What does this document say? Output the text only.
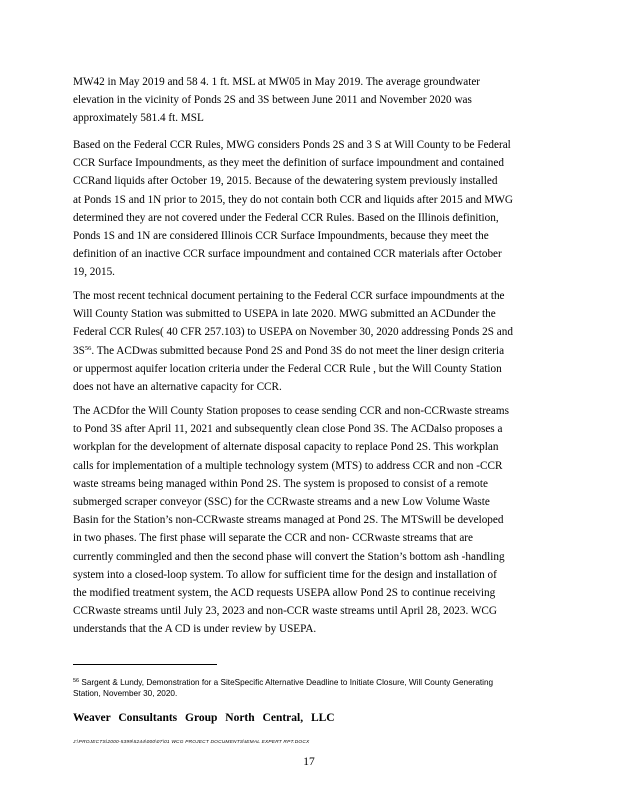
MW42 in May 2019 and 58 4. 1 ft. MSL at MW05 in May 2019. The average groundwater
elevation in the vicinity of Ponds 2S and 3S between June 2011 and November 2020 was
approximately 581.4 ft. MSL

Based on the Federal CCR Rules, MWG considers Ponds 2S and 3 S at Will County to be Federal
CCR Surface Impoundments, as they meet the definition of surface impoundment and contained
CCRand liquids after October 19, 2015. Because of the dewatering system previously installed
at Ponds 1S and 1N prior to 2015, they do not contain both CCR and liquids after 2015 and MWG
determined they are not covered under the Federal CCR Rules. Based on the Illinois definition,
Ponds 1S and 1N are considered Illinois CCR Surface Impoundments, because they meet the
definition of an inactive CCR surface impoundment and contained CCR materials after October
19, 2015.

The most recent technical document pertaining to the Federal CCR surface impoundments at the
Will County Station was submitted to USEPA in late 2020. MWG submitted an ACDunder the
Federal CCR Rules( 40 CFR 257.103) to USEPA on November 30, 2020 addressing Ponds 2S and
$3S^{56}$. The ACDwas submitted because Pond 2S and Pond 3S do not meet the liner design criteria
or uppermost aquifer location criteria under the Federal CCR Rule , but the Will County Station
does not have an alternative capacity for CCR.

The ACDfor the Will County Station proposes to cease sending CCR and non-CCRwaste streams
to Pond 3S after April 11, 2021 and subsequently clean close Pond 3S. The ACDalso proposes a
workplan for the development of alternate disposal capacity to replace Pond 2S. This workplan
calls for implementation of a multiple technology system (MTS) to address CCR and non -CCR
waste streams being managed within Pond 2S. The system is proposed to consist of a remote
submerged scraper conveyor (SSC) for the CCRwaste streams and a new Low Volume Waste
Basin for the Station’s non-CCRwaste streams managed at Pond 2S. The MTSwill be developed
in two phases. The first phase will separate the CCR and non- CCRwaste streams that are
currently commingled and then the second phase will convert the Station’s bottom ash -handling
system into a closed-loop system. To allow for sufficient time for the design and installation of
the modified treatment system, the ACD requests USEPA allow Pond 2S to continue receiving
CCRwaste streams until July 23, 2023 and non-CCR waste streams until April 28, 2023. WCG
understands that the A CD is under review by USEPA.

$^{56}$ Sargent & Lundy, Demonstration for a SiteSpecific Alternative Deadline to Initiate Closure, Will County Generating
Station, November 30, 2020.

Weaver Consultants Group North Central, LLC

J:\PROJECTS\2000-5399\5244\000\07\01 WCG PROJECT DOCUMENTS\IEMAL EXPERT RPT.DOCX

17
